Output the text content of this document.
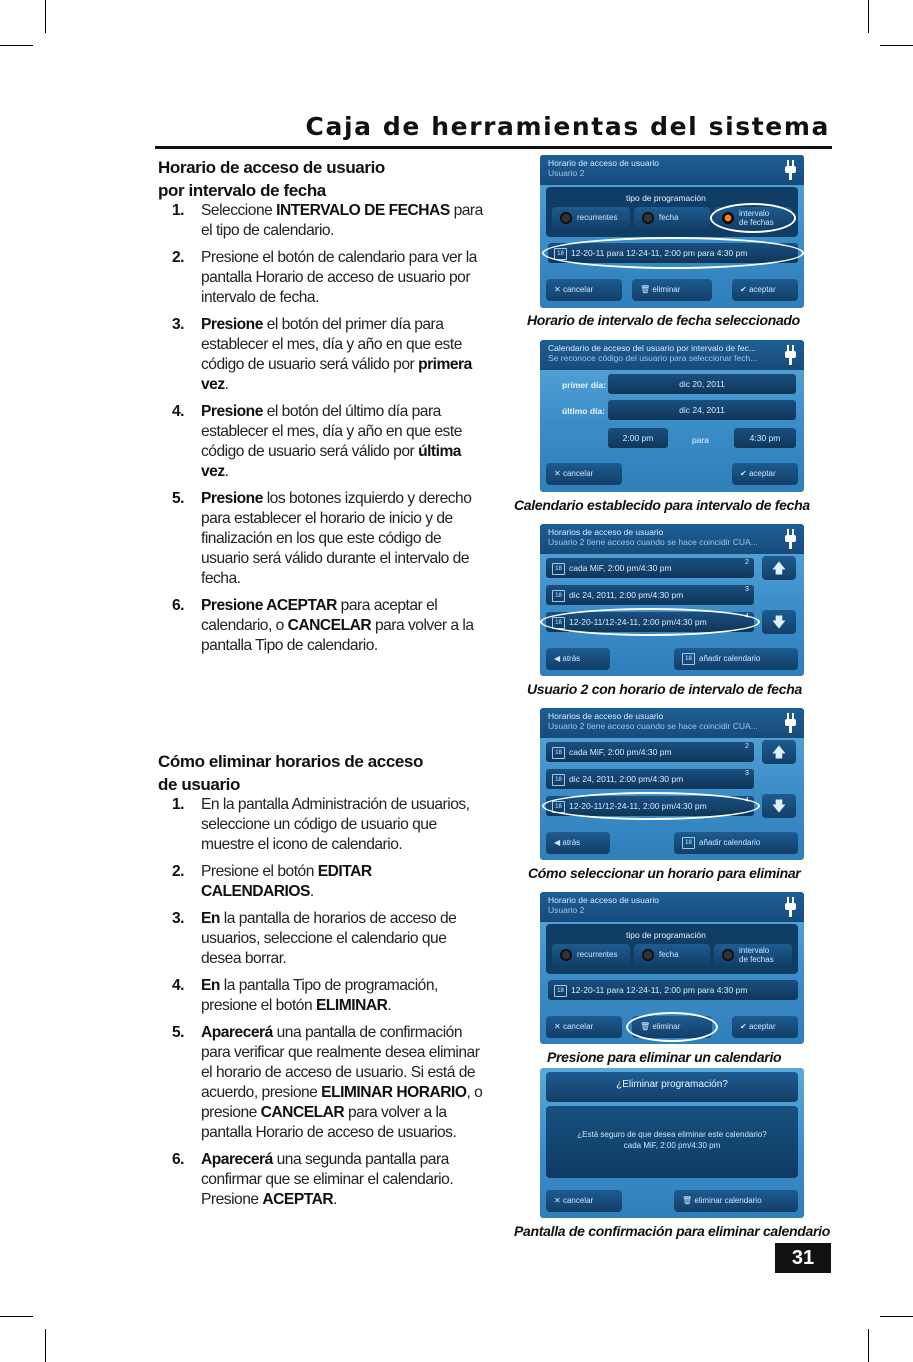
Caja de herramientas del sistema
Horario de acceso de usuario
por intervalo de fecha
1. Seleccione INTERVALO DE FECHAS para el tipo de calendario.
2. Presione el botón de calendario para ver la pantalla Horario de acceso de usuario por intervalo de fecha.
3. Presione el botón del primer día para establecer el mes, día y año en que este código de usuario será válido por primera vez.
4. Presione el botón del último día para establecer el mes, día y año en que este código de usuario será válido por última vez.
5. Presione los botones izquierdo y derecho para establecer el horario de inicio y de finalización en los que este código de usuario será válido durante el intervalo de fecha.
6. Presione ACEPTAR para aceptar el calendario, o CANCELAR para volver a la pantalla Tipo de calendario.
Cómo eliminar horarios de acceso
de usuario
1. En la pantalla Administración de usuarios, seleccione un código de usuario que muestre el icono de calendario.
2. Presione el botón EDITAR CALENDARIOS.
3. En la pantalla de horarios de acceso de usuarios, seleccione el calendario que desea borrar.
4. En la pantalla Tipo de programación, presione el botón ELIMINAR.
5. Aparecerá una pantalla de confirmación para verificar que realmente desea eliminar el horario de acceso de usuario. Si está de acuerdo, presione ELIMINAR HORARIO, o presione CANCELAR para volver a la pantalla Horario de acceso de usuarios.
6. Aparecerá una segunda pantalla para confirmar que se eliminar el calendario. Presione ACEPTAR.
Horario de acceso de usuario
Usuario 2
tipo de programación
recurrentes	fecha	intervalo
de fechas
18 12-20-11 para 12-24-11, 2:00 pm para 4:30 pm
✕ cancelar	🗑 eliminar	✔ aceptar
Horario de intervalo de fecha seleccionado
Calendario de acceso del usuario por intervalo de fec...
Se reconoce código del usuario para seleccionar fech...
primer día:	dic 20, 2011
último día:	dic 24, 2011
2:00 pm	para	4:30 pm
✕ cancelar	✔ aceptar
Calendario establecido para intervalo de fecha
Horarios de acceso de usuario
Usuario 2 tiene acceso cuando se hace coincidir CUA...
18 cada MiF, 2:00 pm/4:30 pm
2
18 dic 24, 2011, 2:00 pm/4:30 pm
3
18 12-20-11/12-24-11, 2:00 pm/4:30 pm
4
🡅
🡇
◀ atrás	18 añadir calendario
Usuario 2 con horario de intervalo de fecha
Horarios de acceso de usuario
Usuario 2 tiene acceso cuando se hace coincidir CUA...
18 cada MiF, 2:00 pm/4:30 pm
2
18 dic 24, 2011, 2:00 pm/4:30 pm
3
18 12-20-11/12-24-11, 2:00 pm/4:30 pm
4
🡅
🡇
◀ atrás	18 añadir calendario
Cómo seleccionar un horario para eliminar
Horario de acceso de usuario
Usuario 2
tipo de programación
recurrentes	fecha	intervalo
de fechas
18 12-20-11 para 12-24-11, 2:00 pm para 4:30 pm
✕ cancelar	🗑 eliminar	✔ aceptar
Presione para eliminar un calendario
¿Eliminar programación?
¿Está seguro de que desea eliminar este calendario?
cada MiF, 2:00 pm/4:30 pm
✕ cancelar	🗑 eliminar calendario
Pantalla de confirmación para eliminar calendario
31
